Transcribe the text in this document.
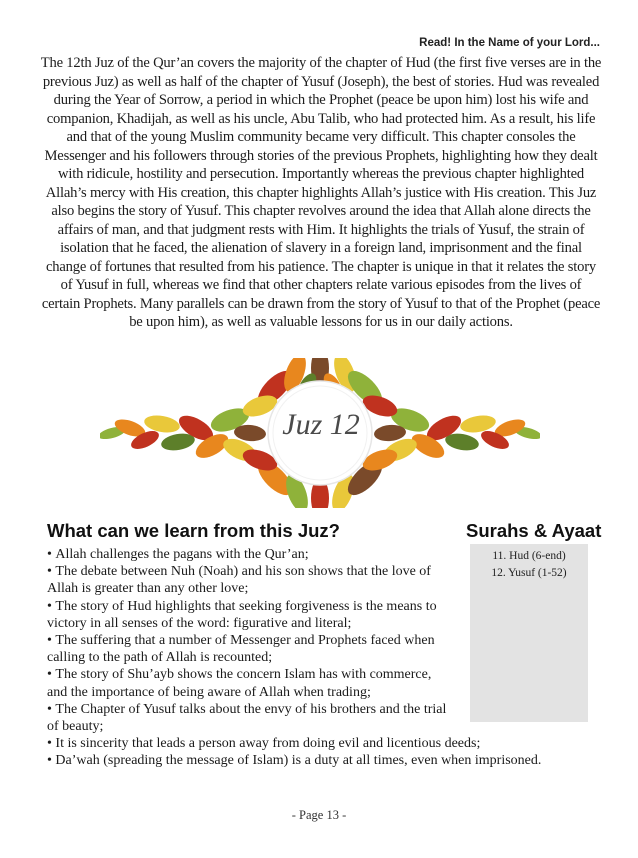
Read! In the Name of your Lord...

The 12th Juz of the Qur’an covers the majority of the chapter of Hud (the first five verses are in the previous Juz) as well as half of the chapter of Yusuf (Joseph), the best of stories. Hud was revealed during the Year of Sorrow, a period in which the Prophet (peace be upon him) lost his wife and companion, Khadijah, as well as his uncle, Abu Talib, who had protected him. As a result, his life and that of the young Muslim community became very difficult. This chapter consoles the Messenger and his followers through stories of the previous Prophets, highlighting how they dealt with ridicule, hostility and persecution. Importantly whereas the previous chapter highlighted Allah’s mercy with His creation, this chapter highlights Allah’s justice with His creation. This Juz also begins the story of Yusuf. This chapter revolves around the idea that Allah alone directs the affairs of man, and that judgment rests with Him. It highlights the trials of Yusuf, the strain of isolation that he faced, the alienation of slavery in a foreign land, imprisonment and the final change of fortunes that resulted from his patience. The chapter is unique in that it relates the story of Yusuf in full, whereas we find that other chapters relate various episodes from the lives of certain Prophets. Many parallels can be drawn from the story of Yusuf to that of the Prophet (peace be upon him), as well as valuable lessons for us in our daily actions.

Juz 12
What can we learn from this Juz?
• Allah challenges the pagans with the Qur’an;
• The debate between Nuh (Noah) and his son shows that the love of Allah is greater than any other love;
• The story of Hud highlights that seeking forgiveness is the means to victory in all senses of the word: figurative and literal;
• The suffering that a number of Messenger and Prophets faced when calling to the path of Allah is recounted;
• The story of Shu’ayb shows the concern Islam has with commerce, and the importance of being aware of Allah when trading;
• The Chapter of Yusuf talks about the envy of his brothers and the trial of beauty;
• It is sincerity that leads a person away from doing evil and licentious deeds;
• Da’wah (spreading the message of Islam) is a duty at all times, even when imprisoned.
Surahs & Ayaat
11. Hud (6-end)
12. Yusuf (1-52)
- Page 13 -
